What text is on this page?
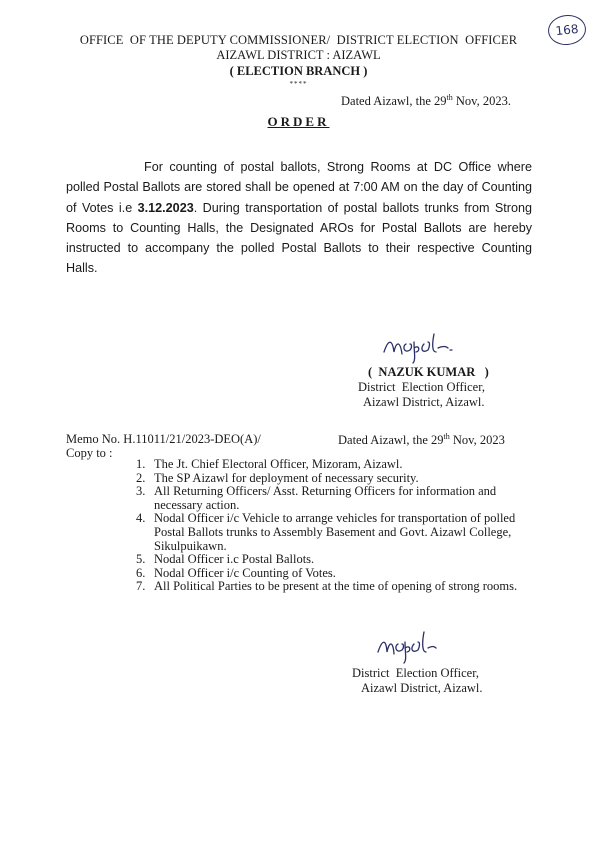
168
OFFICE  OF THE DEPUTY COMMISSIONER/  DISTRICT ELECTION  OFFICER
AIZAWL DISTRICT : AIZAWL
( ELECTION BRANCH )
****
Dated Aizawl, the 29th Nov, 2023.
ORDER
For counting of postal ballots, Strong Rooms at DC Office where polled Postal Ballots are stored shall be opened at 7:00 AM on the day of Counting of Votes i.e 3.12.2023. During transportation of postal ballots trunks from Strong Rooms to Counting Halls, the Designated AROs for Postal Ballots are hereby instructed to accompany the polled Postal Ballots to their respective Counting Halls.
(  NAZUK KUMAR   )
District  Election Officer,
Aizawl District, Aizawl.
Memo No. H.11011/21/2023-DEO(A)/	Dated Aizawl, the 29th Nov, 2023
Copy to :
1. The Jt. Chief Electoral Officer, Mizoram, Aizawl.
2. The SP Aizawl for deployment of necessary security.
3. All Returning Officers/ Asst. Returning Officers for information and necessary action.
4. Nodal Officer i/c Vehicle to arrange vehicles for transportation of polled Postal Ballots trunks to Assembly Basement and Govt. Aizawl College, Sikulpuikawn.
5. Nodal Officer i.c Postal Ballots.
6. Nodal Officer i/c Counting of Votes.
7. All Political Parties to be present at the time of opening of strong rooms.
District  Election Officer,
Aizawl District, Aizawl.
